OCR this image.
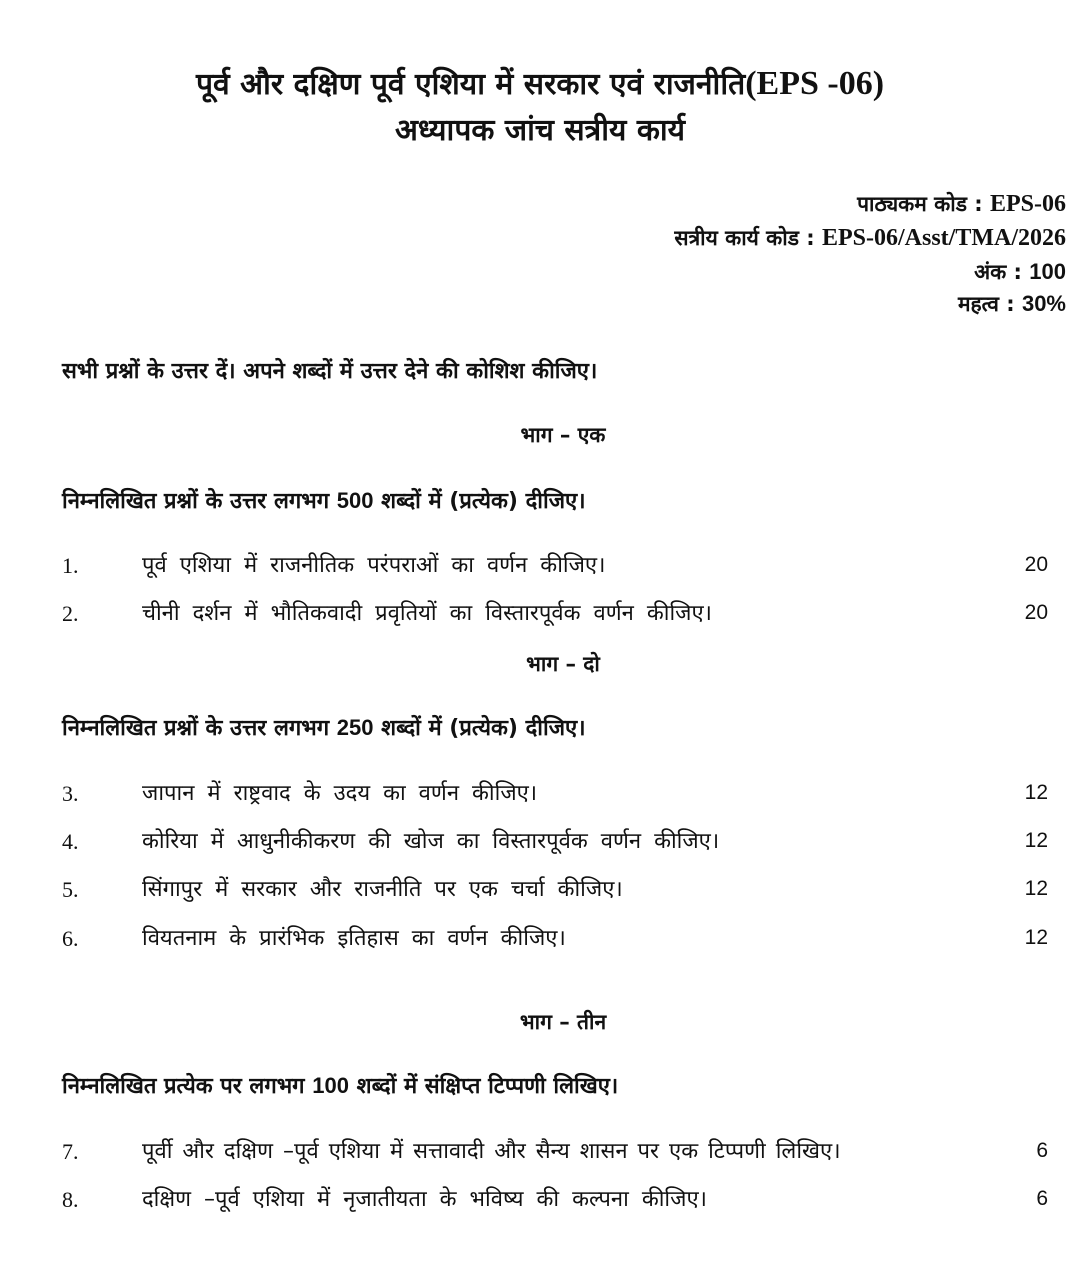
पूर्व और दक्षिण पूर्व एशिया में सरकार एवं राजनीति(EPS -06)
अध्यापक जांच सत्रीय कार्य
पाठ्यकम कोड : EPS-06
सत्रीय कार्य कोड : EPS-06/Asst/TMA/2026
अंक : 100
महत्व : 30%
सभी प्रश्नों के उत्तर दें। अपने शब्दों में उत्तर देने की कोशिश कीजिए।
भाग – एक
निम्नलिखित प्रश्नों के उत्तर लगभग 500 शब्दों में (प्रत्येक) दीजिए।
1.	पूर्व एशिया में राजनीतिक परंपराओं का वर्णन कीजिए।	20
2.	चीनी दर्शन में भौतिकवादी प्रवृतियों का विस्तारपूर्वक वर्णन कीजिए।	20
भाग – दो
निम्नलिखित प्रश्नों के उत्तर लगभग 250 शब्दों में (प्रत्येक) दीजिए।
3.	जापान में राष्ट्रवाद के उदय का वर्णन कीजिए।	12
4.	कोरिया में आधुनीकीकरण की खोज का विस्तारपूर्वक वर्णन कीजिए।	12
5.	सिंगापुर में सरकार और राजनीति पर एक चर्चा कीजिए।	12
6.	वियतनाम के प्रारंभिक इतिहास का वर्णन कीजिए।	12
भाग – तीन
निम्नलिखित प्रत्येक पर लगभग 100 शब्दों में संक्षिप्त टिप्पणी लिखिए।
7.	पूर्वी और दक्षिण –पूर्व एशिया में सत्तावादी और सैन्य शासन पर एक टिप्पणी लिखिए।	6
8.	दक्षिण –पूर्व एशिया में नृजातीयता के भविष्य की कल्पना कीजिए।	6
